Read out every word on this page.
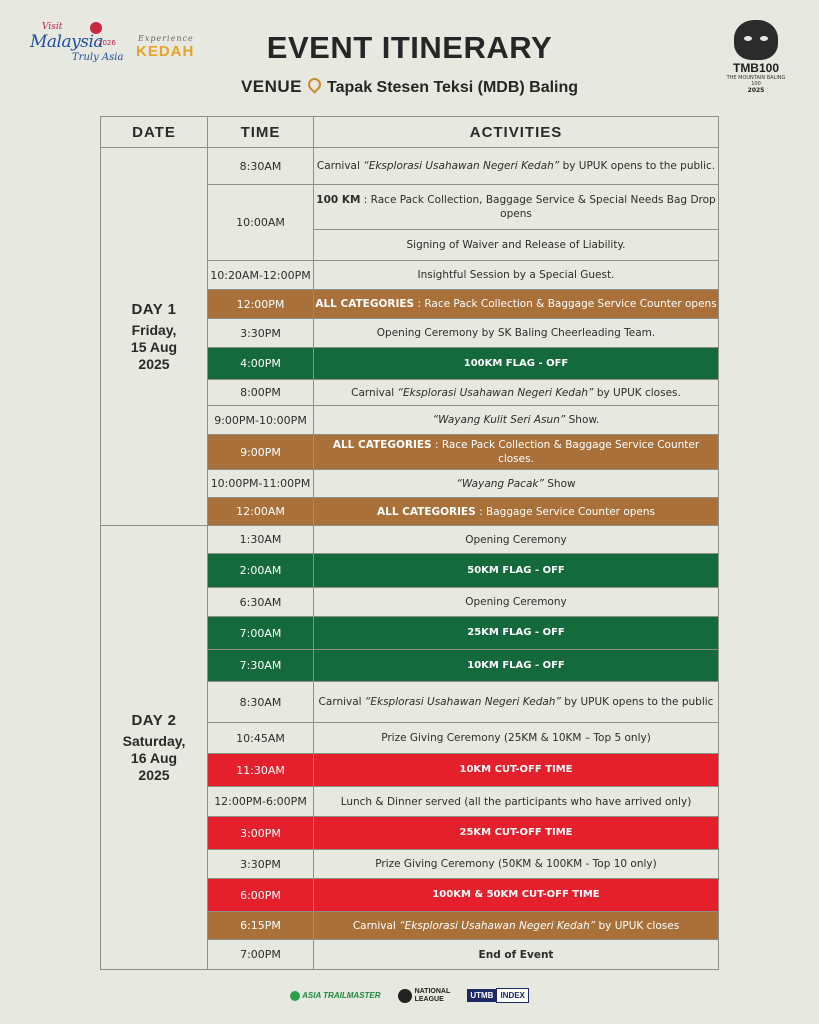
Visit
Malaysia
2026
Truly Asia
Experience
KEDAH
TMB100
THE MOUNTAIN BALING 100
2025
EVENT ITINERARY
VENUE Tapak Stesen Teksi (MDB) Baling
DATE	TIME	ACTIVITIES

DAY 1
Friday,
15 Aug
2025	8:30AM	Carnival “Eksplorasi Usahawan Negeri Kedah” by UPUK opens to the public.
	10:00AM	100 KM : Race Pack Collection, Baggage Service & Special Needs Bag Drop opens
		Signing of Waiver and Release of Liability.
	10:20AM-12:00PM	Insightful Session by a Special Guest.
	12:00PM	ALL CATEGORIES : Race Pack Collection & Baggage Service Counter opens
	3:30PM	Opening Ceremony by SK Baling Cheerleading Team.
	4:00PM	100KM FLAG - OFF
	8:00PM	Carnival “Eksplorasi Usahawan Negeri Kedah” by UPUK closes.
	9:00PM-10:00PM	“Wayang Kulit Seri Asun” Show.
	9:00PM	ALL CATEGORIES : Race Pack Collection & Baggage Service Counter closes.
	10:00PM-11:00PM	“Wayang Pacak” Show
	12:00AM	ALL CATEGORIES : Baggage Service Counter opens
DAY 2
Saturday,
16 Aug
2025	1:30AM	Opening Ceremony
	2:00AM	50KM FLAG - OFF
	6:30AM	Opening Ceremony
	7:00AM	25KM FLAG - OFF
	7:30AM	10KM FLAG - OFF
	8:30AM	Carnival “Eksplorasi Usahawan Negeri Kedah” by UPUK opens to the public
	10:45AM	Prize Giving Ceremony (25KM & 10KM – Top 5 only)
	11:30AM	10KM CUT-OFF TIME
	12:00PM-6:00PM	Lunch & Dinner served (all the participants who have arrived only)
	3:00PM	25KM CUT-OFF TIME
	3:30PM	Prize Giving Ceremony (50KM & 100KM - Top 10 only)
	6:00PM	100KM & 50KM CUT-OFF TIME
	6:15PM	Carnival “Eksplorasi Usahawan Negeri Kedah” by UPUK closes
	7:00PM	End of Event
ASIA TRAILMASTER	NATIONAL
LEAGUE	UTMB INDEX
